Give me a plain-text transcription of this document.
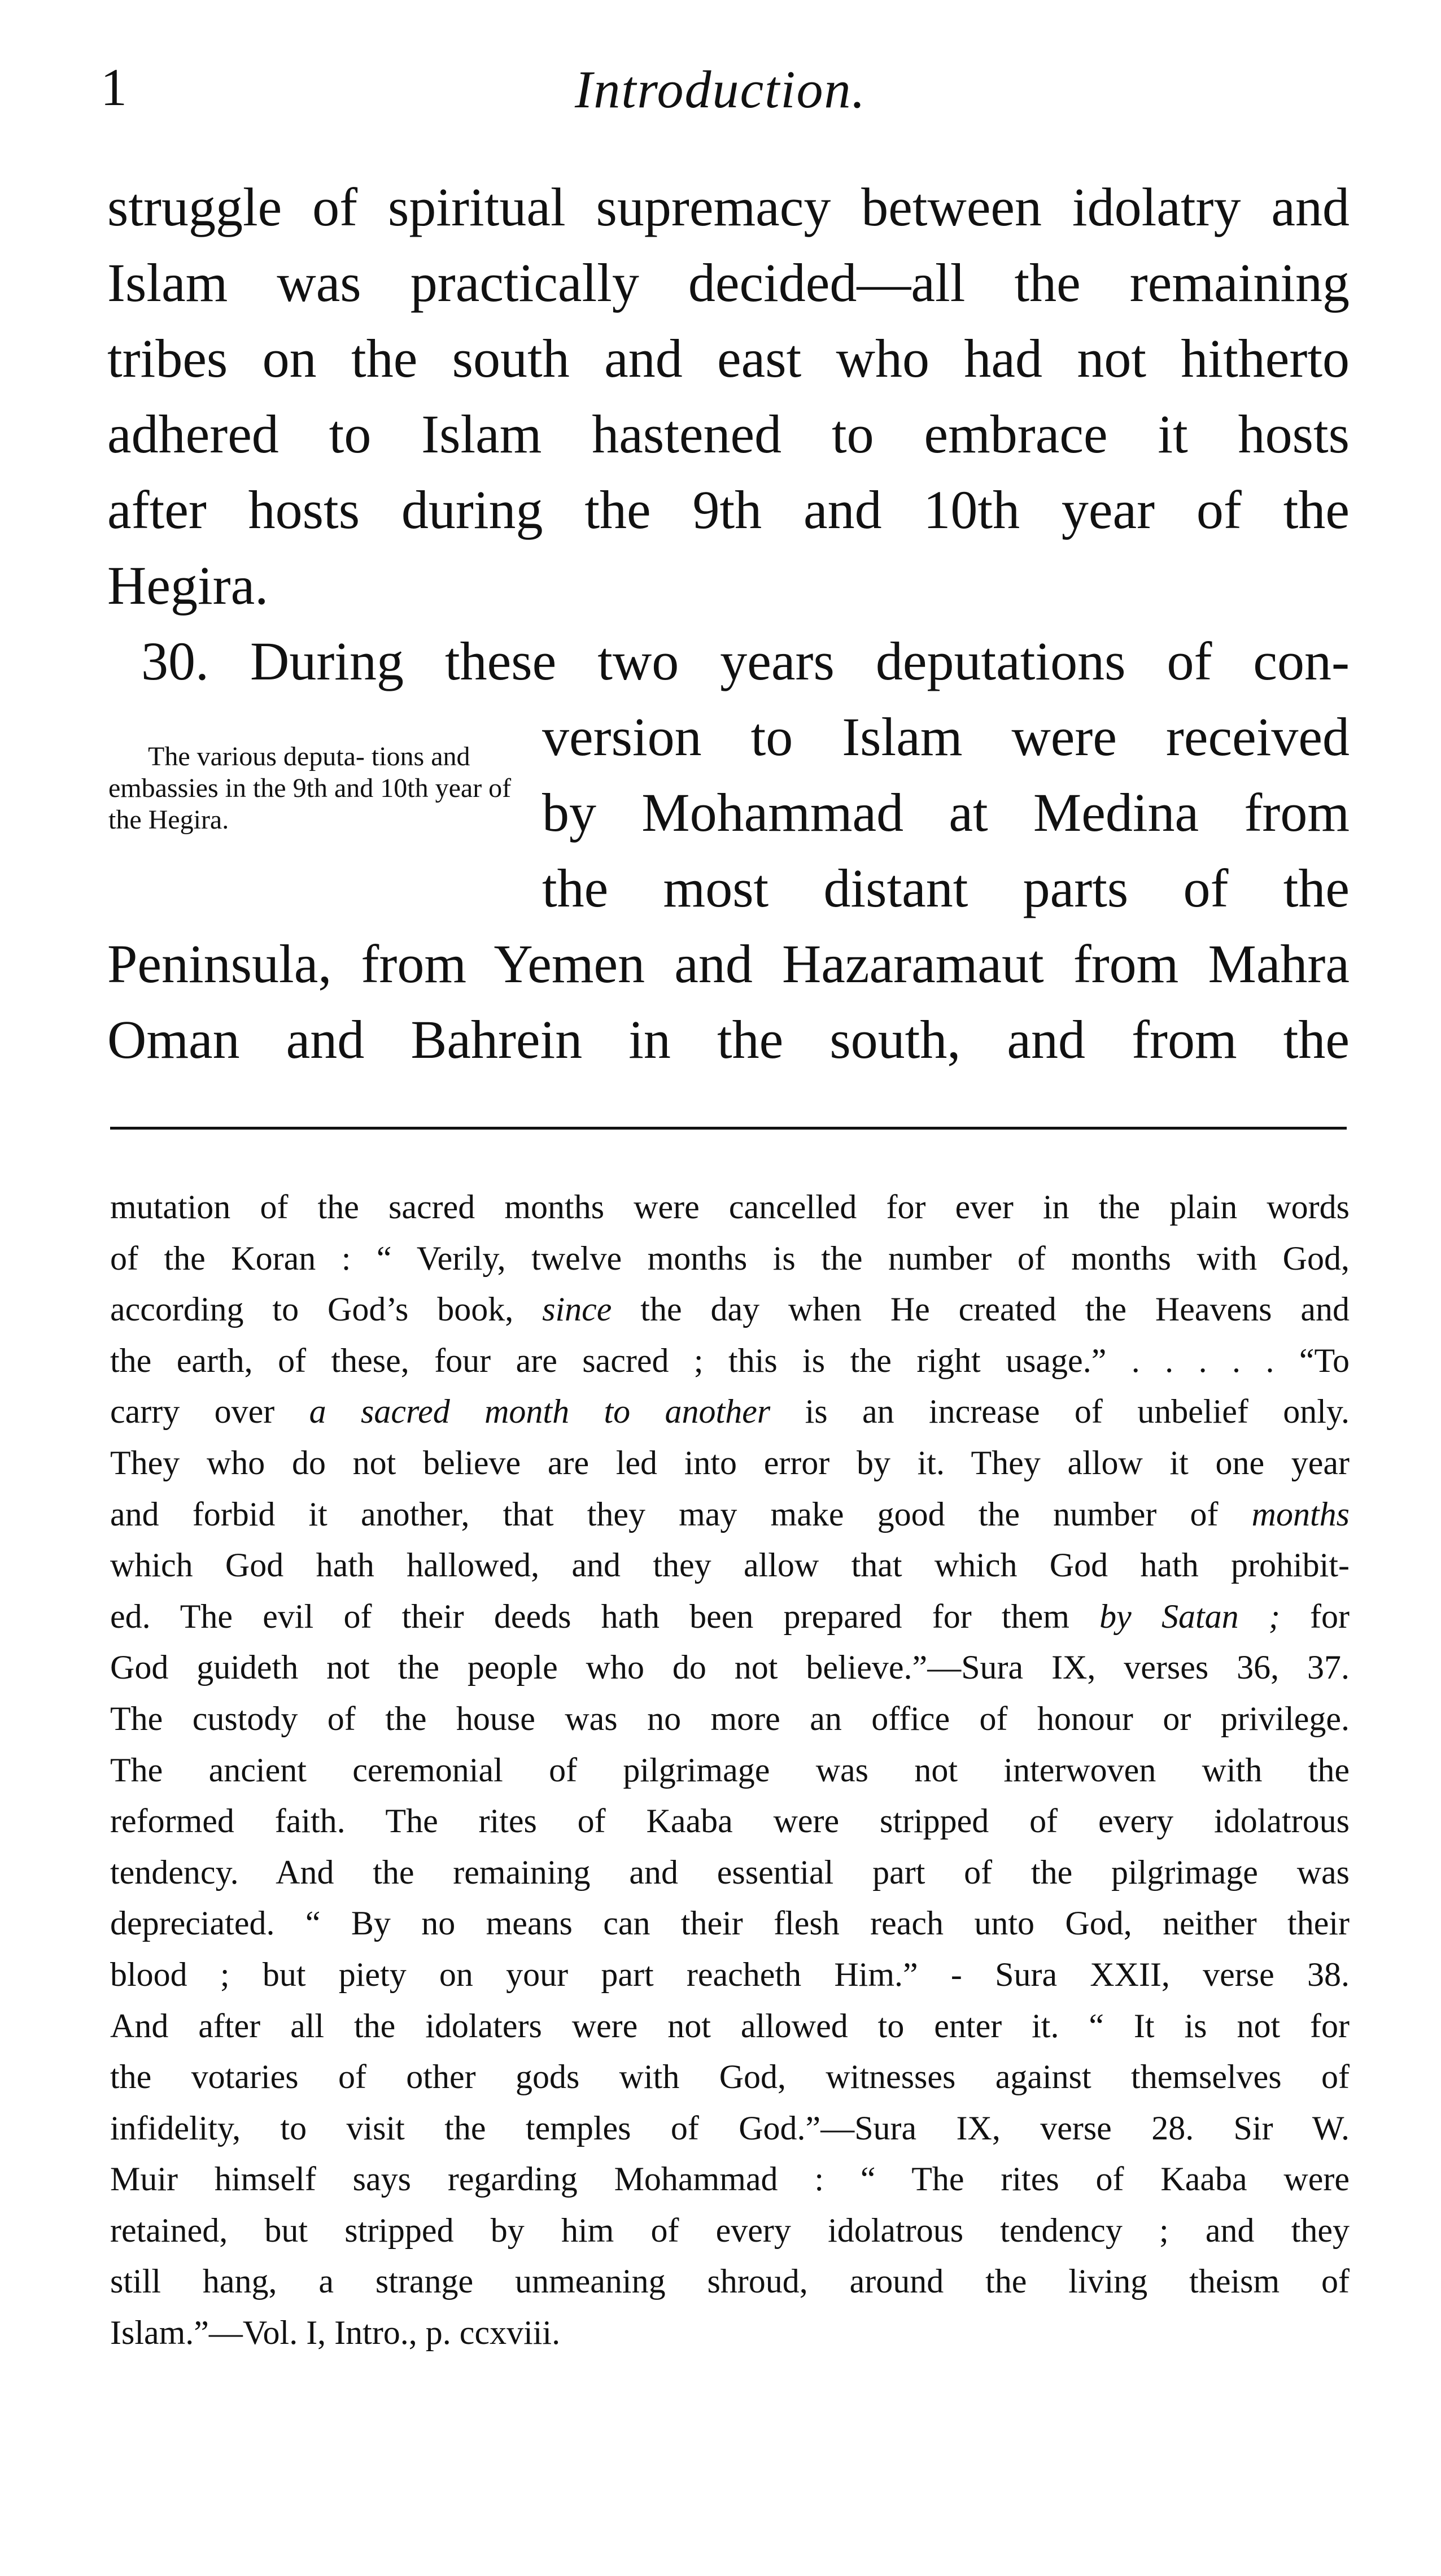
1	Introduction.
struggle of spiritual supremacy between idolatry and
Islam was practically decided—all the remaining
tribes on the south and east who had not hitherto
adhered to Islam hastened to embrace it hosts
after hosts during the 9th and 10th year of the
Hegira.
30. During these two years deputations of con-
The various deputa- tions and embassies in the 9th and 10th year of the Hegira.
version to Islam were received
by Mohammad at Medina from
the most distant parts of the
Peninsula, from Yemen and Hazaramaut from Mahra
Oman and Bahrein in the south, and from the
mutation of the sacred months were cancelled for ever in the plain words
of the Koran : “ Verily, twelve months is the number of months with God,
according to God’s book, since the day when He created the Heavens and
the earth, of these, four are sacred ; this is the right usage.” . . . . . “To
carry over a sacred month to another is an increase of unbelief only.
They who do not believe are led into error by it. They allow it one year
and forbid it another, that they may make good the number of months
which God hath hallowed, and they allow that which God hath prohibit-
ed. The evil of their deeds hath been prepared for them by Satan ; for
God guideth not the people who do not believe.”—Sura IX, verses 36, 37.
The custody of the house was no more an office of honour or privilege.
The ancient ceremonial of pilgrimage was not interwoven with the
reformed faith. The rites of Kaaba were stripped of every idolatrous
tendency. And the remaining and essential part of the pilgrimage was
depreciated. “ By no means can their flesh reach unto God, neither their
blood ; but piety on your part reacheth Him.” - Sura XXII, verse 38.
And after all the idolaters were not allowed to enter it. “ It is not for
the votaries of other gods with God, witnesses against themselves of
infidelity, to visit the temples of God.”—Sura IX, verse 28. Sir W.
Muir himself says regarding Mohammad : “ The rites of Kaaba were
retained, but stripped by him of every idolatrous tendency ; and they
still hang, a strange unmeaning shroud, around the living theism of
Islam.”—Vol. I, Intro., p. ccxviii.
